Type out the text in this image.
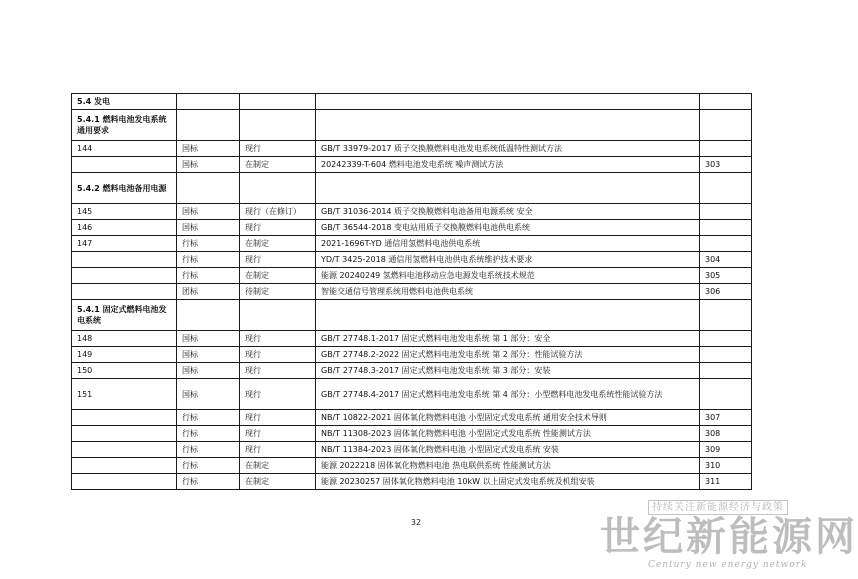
5.4 发电				
5.4.1 燃料电池发电系统通用要求				
144	国标	现行	GB/T 33979-2017 质子交换膜燃料电池发电系统低温特性测试方法	
	国标	在制定	20242339-T-604 燃料电池发电系统 噪声测试方法	303
5.4.2 燃料电池备用电源				
145	国标	现行（在修订）	GB/T 31036-2014 质子交换膜燃料电池备用电源系统 安全	
146	国标	现行	GB/T 36544-2018 变电站用质子交换膜燃料电池供电系统	
147	行标	在制定	2021-1696T-YD 通信用氢燃料电池供电系统	
	行标	现行	YD/T 3425-2018 通信用氢燃料电池供电系统维护技术要求	304
	行标	在制定	能源 20240249 氢燃料电池移动应急电源发电系统技术规范	305
	团标	待制定	智能交通信号管理系统用燃料电池供电系统	306
5.4.1 固定式燃料电池发电系统				
148	国标	现行	GB/T 27748.1-2017 固定式燃料电池发电系统 第 1 部分：安全	
149	国标	现行	GB/T 27748.2-2022 固定式燃料电池发电系统 第 2 部分：性能试验方法	
150	国标	现行	GB/T 27748.3-2017 固定式燃料电池发电系统 第 3 部分：安装	
151	国标	现行	GB/T 27748.4-2017 固定式燃料电池发电系统 第 4 部分：小型燃料电池发电系统性能试验方法	
	行标	现行	NB/T 10822-2021 固体氧化物燃料电池 小型固定式发电系统 通用安全技术导则	307
	行标	现行	NB/T 11308-2023 固体氧化物燃料电池 小型固定式发电系统 性能测试方法	308
	行标	现行	NB/T 11384-2023 固体氧化物燃料电池 小型固定式发电系统 安装	309
	行标	在制定	能源 2022218 固体氧化物燃料电池 热电联供系统 性能测试方法	310
	行标	在制定	能源 20230257 固体氧化物燃料电池 10kW 以上固定式发电系统及机组安装	311
32
持续关注新能源经济与政策
世纪新能源网
Century new energy network
